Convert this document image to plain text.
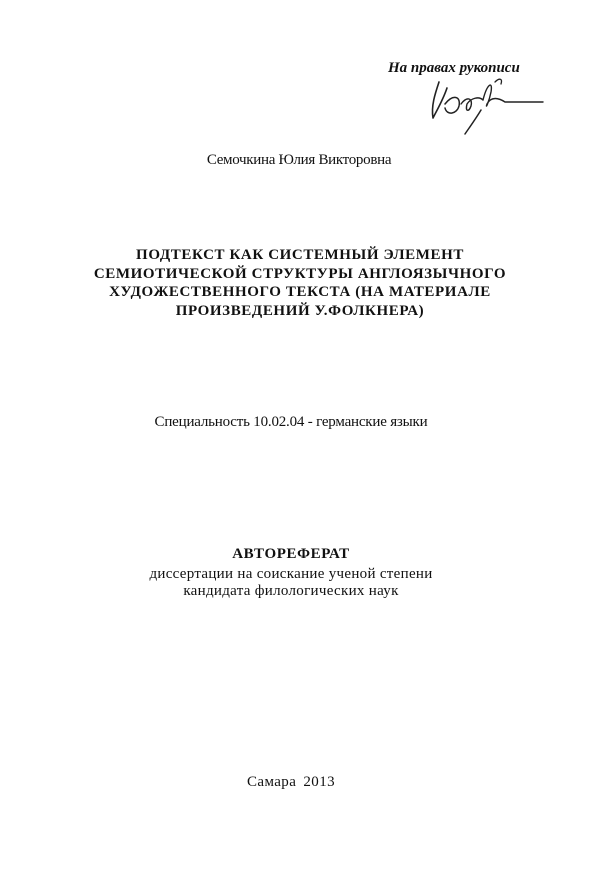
На правах рукописи
Семочкина Юлия Викторовна
ПОДТЕКСТ КАК СИСТЕМНЫЙ ЭЛЕМЕНТ
СЕМИОТИЧЕСКОЙ СТРУКТУРЫ АНГЛОЯЗЫЧНОГО
ХУДОЖЕСТВЕННОГО ТЕКСТА (НА МАТЕРИАЛЕ
ПРОИЗВЕДЕНИЙ У.ФОЛКНЕРА)
Специальность 10.02.04 - германские языки
АВТОРЕФЕРАТ
диссертации на соискание ученой степени
кандидата филологических наук
Самара 2013
